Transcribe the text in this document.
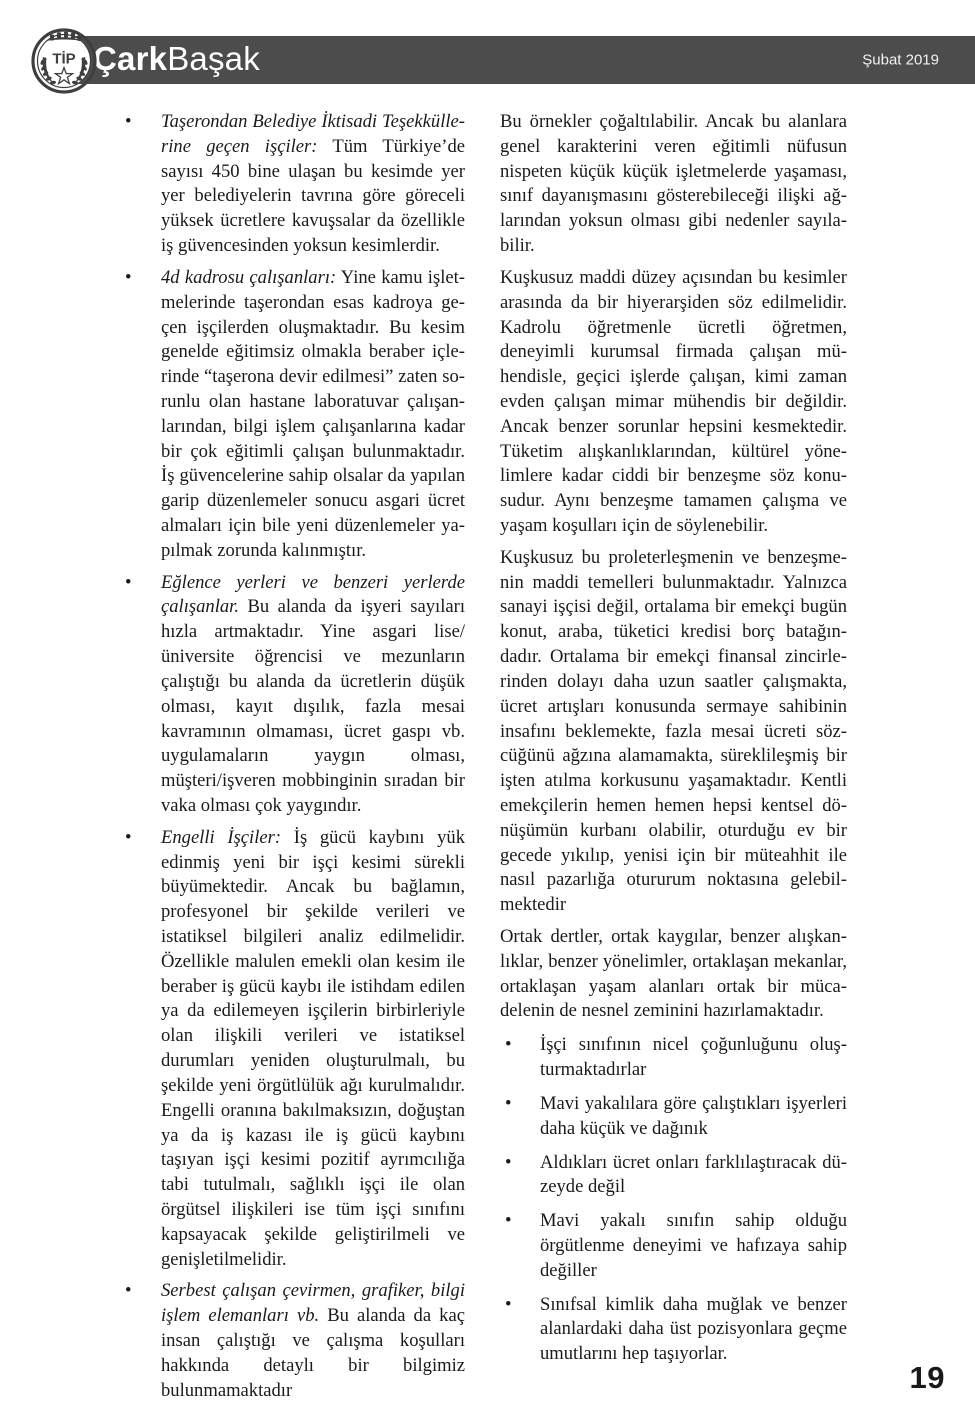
ÇarkBaşak	Şubat 2019
TİP
• Taşerondan Belediye İktisadi Teşekküllerine geçen işçiler: Tüm Türkiye’de sayısı 450 bine ulaşan bu kesimde yer yer belediyelerin tavrına göre göreceli yüksek ücretlere kavuşsalar da özellikle iş güvencesinden yoksun kesimlerdir.
• 4d kadrosu çalışanları: Yine kamu işletmelerinde taşerondan esas kadroya geçen işçilerden oluşmaktadır. Bu kesim genelde eğitimsiz olmakla beraber içlerinde “taşerona devir edilmesi” zaten sorunlu olan hastane laboratuvar çalışanlarından, bilgi işlem çalışanlarına kadar bir çok eğitimli çalışan bulunmaktadır. İş güvencelerine sahip olsalar da yapılan garip düzenlemeler sonucu asgari ücret almaları için bile yeni düzenlemeler yapılmak zorunda kalınmıştır.
• Eğlence yerleri ve benzeri yerlerde çalışanlar. Bu alanda da işyeri sayıları hızla artmaktadır. Yine asgari lise/üniversite öğrencisi ve mezunların çalıştığı bu alanda da ücretlerin düşük olması, kayıt dışılık, fazla mesai kavramının olmaması, ücret gaspı vb. uygulamaların yaygın olması, müşteri/işveren mobbinginin sıradan bir vaka olması çok yaygındır.
• Engelli İşçiler: İş gücü kaybını yük edinmiş yeni bir işçi kesimi sürekli büyümektedir. Ancak bu bağlamın, profesyonel bir şekilde verileri ve istatiksel bilgileri analiz edilmelidir. Özellikle malulen emekli olan kesim ile beraber iş gücü kaybı ile istihdam edilen ya da edilemeyen işçilerin birbirleriyle olan ilişkili verileri ve istatiksel durumları yeniden oluşturulmalı, bu şekilde yeni örgütlülük ağı kurulmalıdır. Engelli oranına bakılmaksızın, doğuştan ya da iş kazası ile iş gücü kaybını taşıyan işçi kesimi pozitif ayrımcılığa tabi tutulmalı, sağlıklı işçi ile olan örgütsel ilişkileri ise tüm işçi sınıfını kapsayacak şekilde geliştirilmeli ve genişletilmelidir.
• Serbest çalışan çevirmen, grafiker, bilgi işlem elemanları vb. Bu alanda da kaç insan çalıştığı ve çalışma koşulları hakkında detaylı bir bilgimiz bulunmamaktadır

Bu örnekler çoğaltılabilir. Ancak bu alanlara genel karakterini veren eğitimli nüfusun nispeten küçük küçük işletmelerde yaşaması, sınıf dayanışmasını gösterebileceği ilişki ağlarından yoksun olması gibi nedenler sayılabilir.

Kuşkusuz maddi düzey açısından bu kesimler arasında da bir hiyerarşiden söz edilmelidir. Kadrolu öğretmenle ücretli öğretmen, deneyimli kurumsal firmada çalışan mühendisle, geçici işlerde çalışan, kimi zaman evden çalışan mimar mühendis bir değildir. Ancak benzer sorunlar hepsini kesmektedir. Tüketim alışkanlıklarından, kültürel yönelimlere kadar ciddi bir benzeşme söz konusudur. Aynı benzeşme tamamen çalışma ve yaşam koşulları için de söylenebilir.

Kuşkusuz bu proleterleşmenin ve benzeşmenin maddi temelleri bulunmaktadır. Yalnızca sanayi işçisi değil, ortalama bir emekçi bugün konut, araba, tüketici kredisi borç batağındadır. Ortalama bir emekçi finansal zincirlerinden dolayı daha uzun saatler çalışmakta, ücret artışları konusunda sermaye sahibinin insafını beklemekte, fazla mesai ücreti sözcüğünü ağzına alamamakta, süreklileşmiş bir işten atılma korkusunu yaşamaktadır. Kentli emekçilerin hemen hemen hepsi kentsel dönüşümün kurbanı olabilir, oturduğu ev bir gecede yıkılıp, yenisi için bir müteahhit ile nasıl pazarlığa otururum noktasına gelebilmektedir

Ortak dertler, ortak kaygılar, benzer alışkanlıklar, benzer yönelimler, ortaklaşan mekanlar, ortaklaşan yaşam alanları ortak bir mücadelenin de nesnel zeminini hazırlamaktadır.

• İşçi sınıfının nicel çoğunluğunu oluşturmaktadırlar
• Mavi yakalılara göre çalıştıkları işyerleri daha küçük ve dağınık
• Aldıkları ücret onları farklılaştıracak düzeyde değil
• Mavi yakalı sınıfın sahip olduğu örgütlenme deneyimi ve hafızaya sahip değiller
• Sınıfsal kimlik daha muğlak ve benzer alanlardaki daha üst pozisyonlara geçme umutlarını hep taşıyorlar.
19
